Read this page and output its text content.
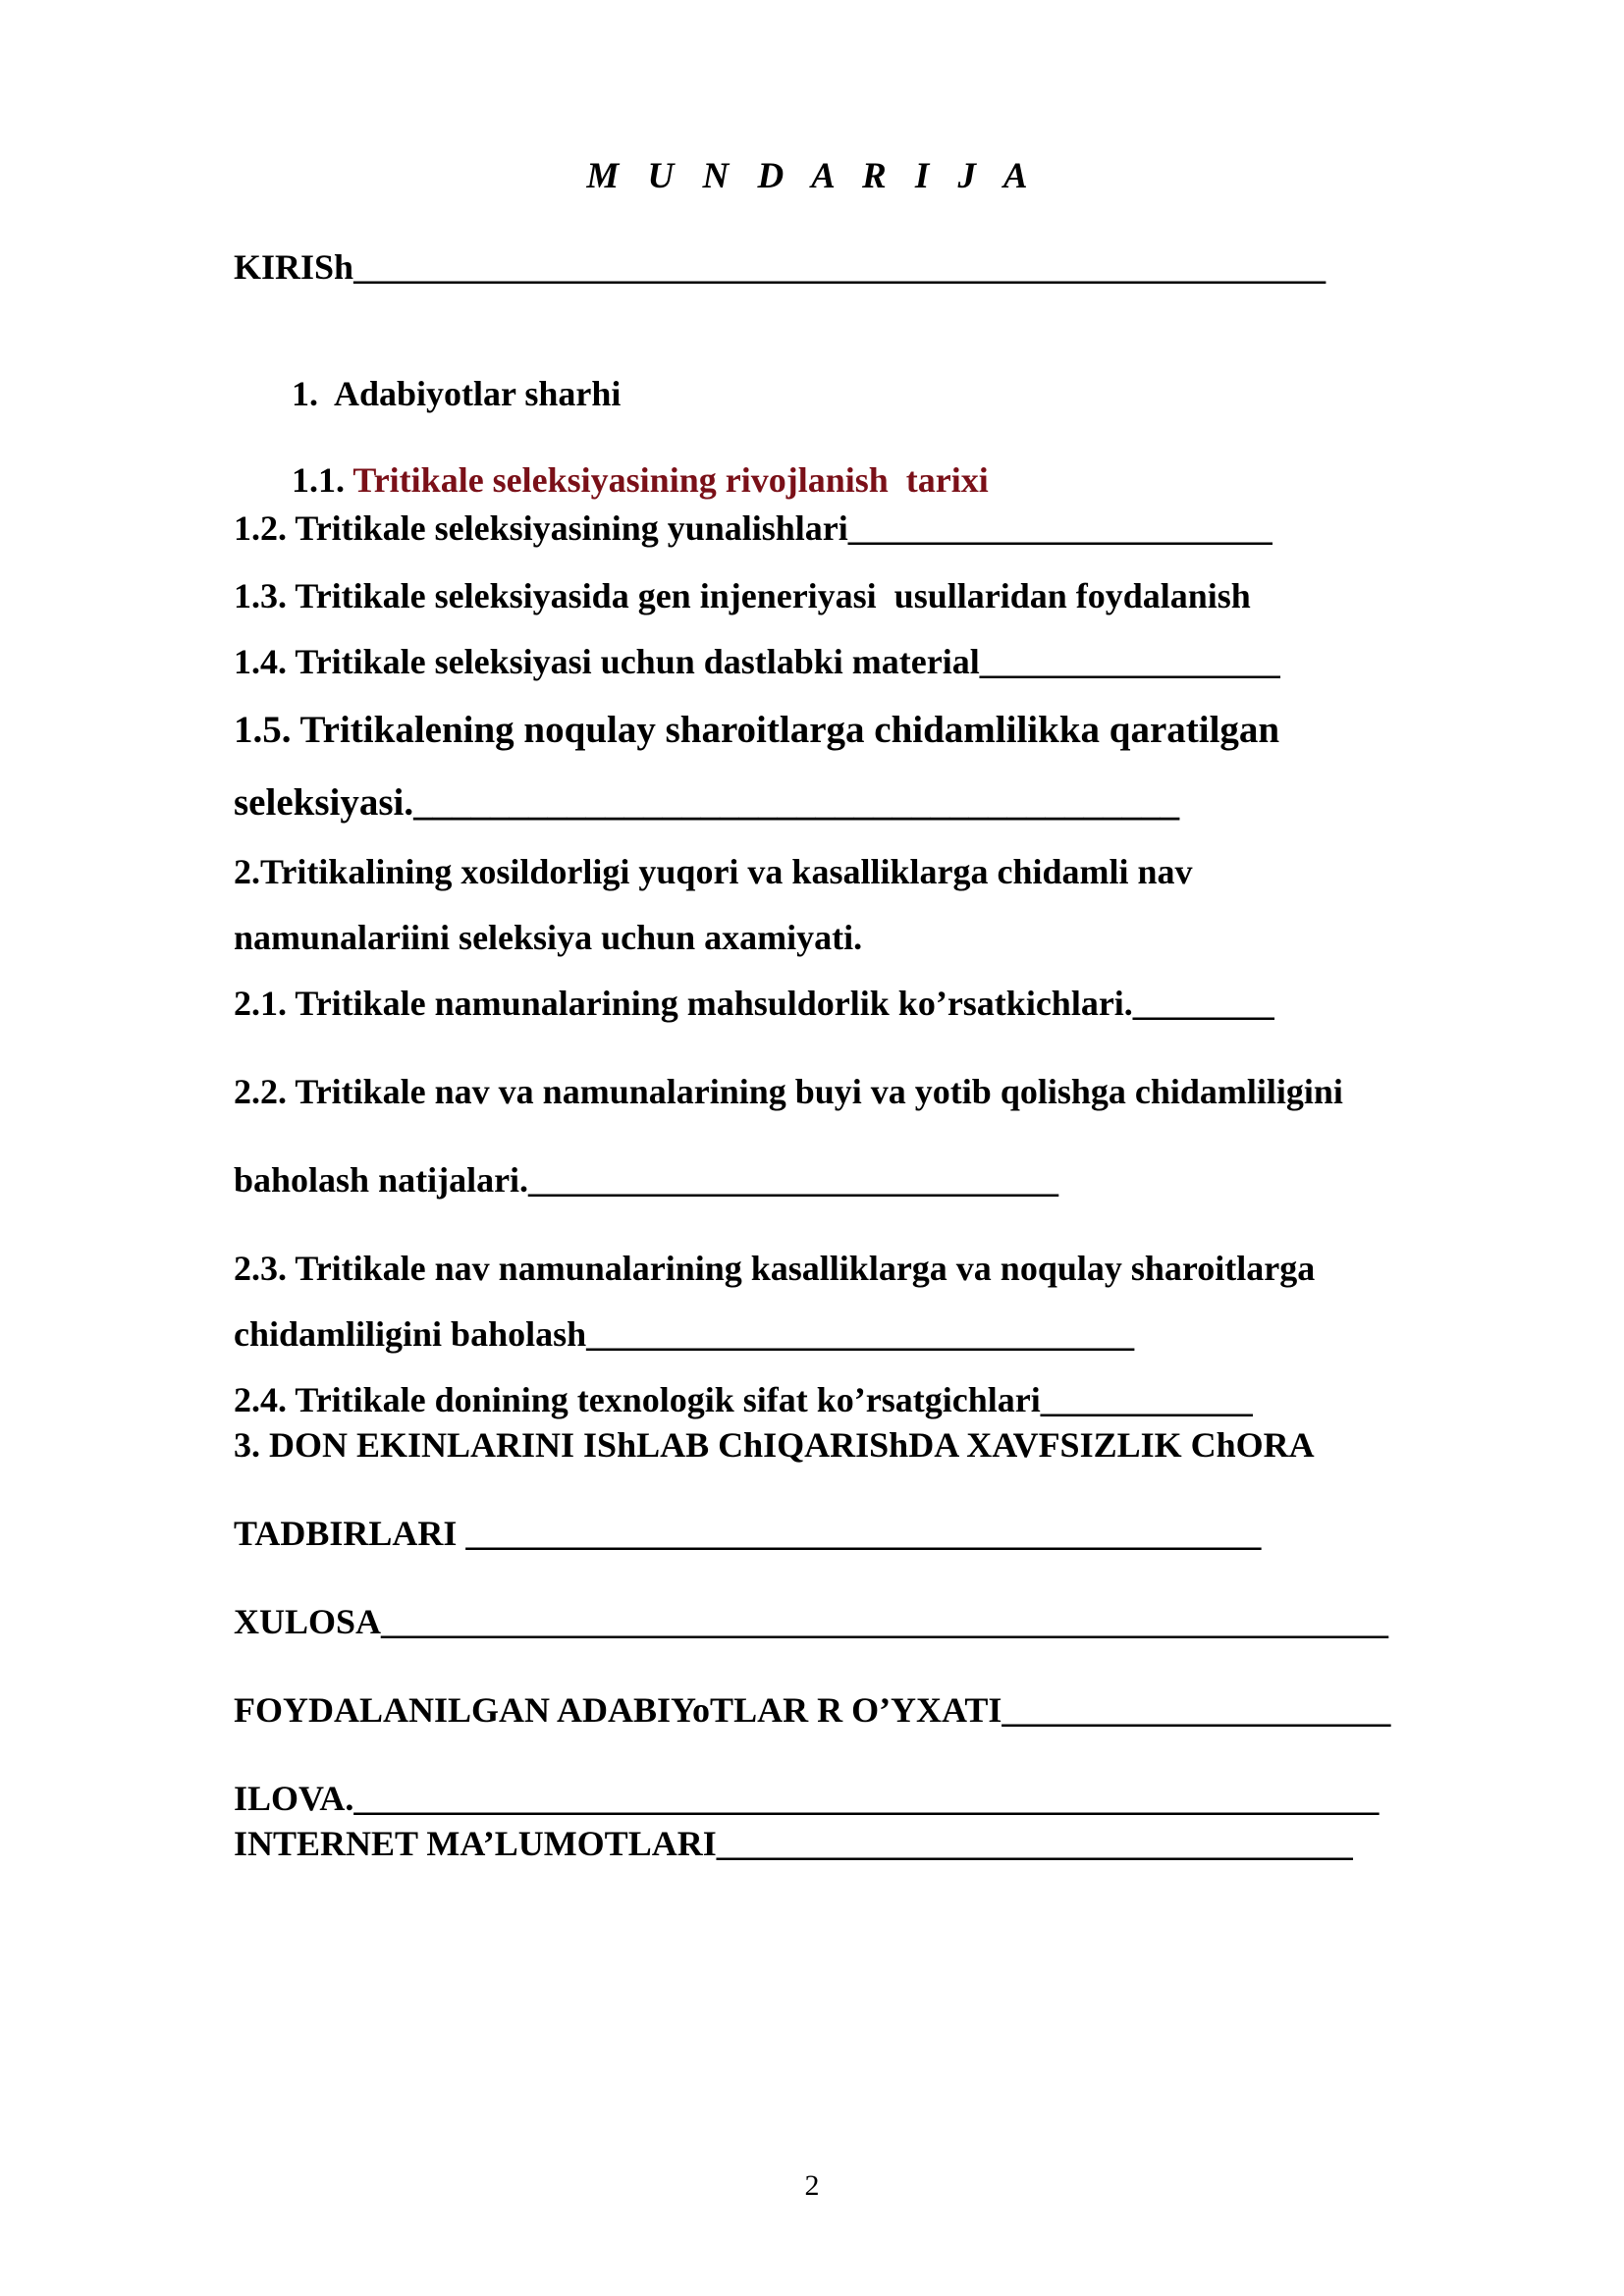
M U N D A R I J A
KIRISh_______________________________________________________

1.  Adabiyotlar sharhi

1.1. Tritikale seleksiyasining rivojlanish  tarixi

1.2. Tritikale seleksiyasining yunalishlari________________________
1.3. Tritikale seleksiyasida gen injeneriyasi  usullaridan foydalanish
1.4. Tritikale seleksiyasi uchun dastlabki material_________________
1.5. Tritikalening noqulay sharoitlarga chidamlilikka qaratilgan
seleksiyasi.________________________________________
2.Tritikalining xosildorligi yuqori va kasalliklarga chidamli nav
namunalariini seleksiya uchun axamiyati.
2.1. Tritikale namunalarining mahsuldorlik ko’rsatkichlari.________
2.2. Tritikale nav va namunalarining buyi va yotib qolishga chidamliligini
baholash natijalari.______________________________
2.3. Tritikale nav namunalarining kasalliklarga va noqulay sharoitlarga
chidamliligini baholash_______________________________
2.4. Tritikale donining texnologik sifat ko’rsatgichlari____________
3. DON EKINLARINI IShLAB ChIQARIShDA XAVFSIZLIK ChORA
TADBIRLARI _____________________________________________
XULOSA_________________________________________________________
FOYDALANILGAN ADABIYoTLAR R O’YXATI______________________
ILOVA.__________________________________________________________
INTERNET MA’LUMOTLARI____________________________________
2
